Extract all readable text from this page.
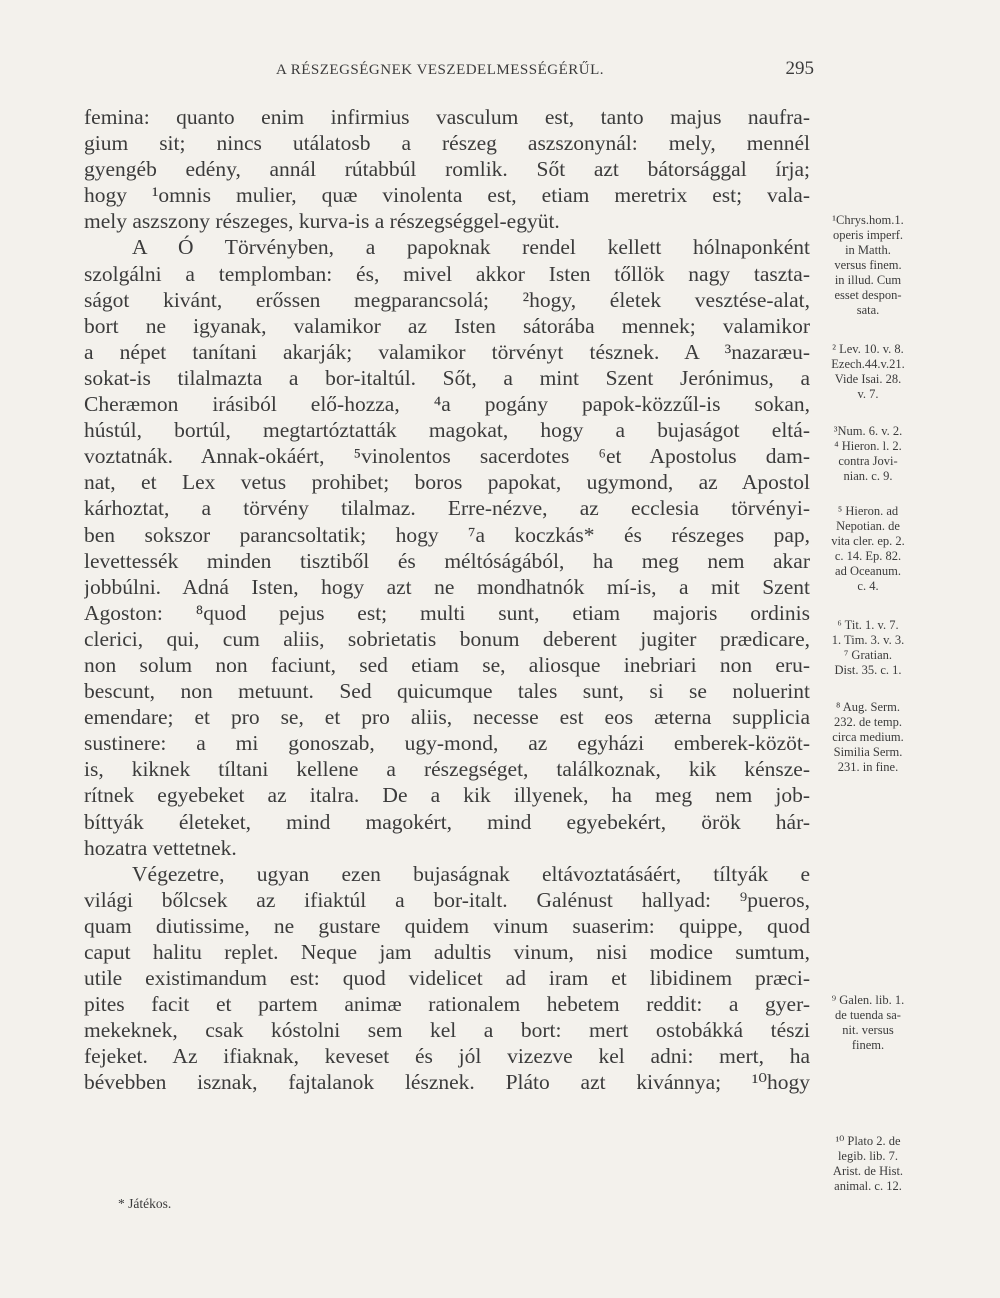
A RÉSZEGSÉGNEK VESZEDELMESSÉGÉRŰL.	295
femina: quanto enim infirmius vasculum est, tanto majus naufra-
gium sit; nincs utálatosb a részeg aszszonynál: mely, mennél
gyengéb edény, annál rútabbúl romlik. Sőt azt bátorsággal írja;
hogy ¹omnis mulier, quæ vinolenta est, etiam meretrix est; vala-
mely aszszony részeges, kurva-is a részegséggel-együt.
A Ó Törvényben, a papoknak rendel kellett hólnaponként
szolgálni a templomban: és, mivel akkor Isten tőllök nagy taszta-
ságot kivánt, erőssen megparancsolá; ²hogy, életek vesztése-alat,
bort ne igyanak, valamikor az Isten sátorába mennek; valamikor
a népet tanítani akarják; valamikor törvényt tésznek. A ³nazaræu-
sokat-is tilalmazta a bor-italtúl. Sőt, a mint Szent Jerónimus, a
Cheræmon irásiból elő-hozza, ⁴a pogány papok-közzűl-is sokan,
hústúl, bortúl, megtartóztatták magokat, hogy a bujaságot eltá-
voztatnák. Annak-okáért, ⁵vinolentos sacerdotes ⁶et Apostolus dam-
nat, et Lex vetus prohibet; boros papokat, ugymond, az Apostol
kárhoztat, a törvény tilalmaz. Erre-nézve, az ecclesia törvényi-
ben sokszor parancsoltatik; hogy ⁷a koczkás* és részeges pap,
levettessék minden tisztiből és méltóságából, ha meg nem akar
jobbúlni. Adná Isten, hogy azt ne mondhatnók mí-is, a mit Szent
Agoston: ⁸quod pejus est; multi sunt, etiam majoris ordinis
clerici, qui, cum aliis, sobrietatis bonum deberent jugiter prædicare,
non solum non faciunt, sed etiam se, aliosque inebriari non eru-
bescunt, non metuunt. Sed quicumque tales sunt, si se noluerint
emendare; et pro se, et pro aliis, necesse est eos æterna supplicia
sustinere: a mi gonoszab, ugy-mond, az egyházi emberek-közöt-
is, kiknek tíltani kellene a részegséget, találkoznak, kik kénsze-
rítnek egyebeket az italra. De a kik illyenek, ha meg nem job-
bíttyák életeket, mind magokért, mind egyebekért, örök hár-
hozatra vettetnek.
Végezetre, ugyan ezen bujaságnak eltávoztatásáért, tíltyák e
világi bőlcsek az ifiaktúl a bor-italt. Galénust hallyad: ⁹pueros,
quam diutissime, ne gustare quidem vinum suaserim: quippe, quod
caput halitu replet. Neque jam adultis vinum, nisi modice sumtum,
utile existimandum est: quod videlicet ad iram et libidinem præci-
pites facit et partem animæ rationalem hebetem reddit: a gyer-
mekeknek, csak kóstolni sem kel a bort: mert ostobákká tészi
fejeket. Az ifiaknak, keveset és jól vizezve kel adni: mert, ha
bévebben isznak, fajtalanok lésznek. Pláto azt kivánnya; ¹⁰hogy
¹Chrys.hom.1.
operis imperf.
in Matth.
versus finem.
in illud. Cum
esset despon-
sata.
² Lev. 10. v. 8.
Ezech.44.v.21.
Vide Isai. 28.
v. 7.
³Num. 6. v. 2.
⁴ Hieron. l. 2.
contra Jovi-
nian. c. 9.
⁵ Hieron. ad
Nepotian. de
vita cler. ep. 2.
c. 14. Ep. 82.
ad Oceanum.
c. 4.
⁶ Tit. 1. v. 7.
1. Tim. 3. v. 3.
⁷ Gratian.
Dist. 35. c. 1.
⁸ Aug. Serm.
232. de temp.
circa medium.
Similia Serm.
231. in fine.
⁹ Galen. lib. 1.
de tuenda sa-
nit. versus
finem.
¹⁰ Plato 2. de
legib. lib. 7.
Arist. de Hist.
animal. c. 12.
* Játékos.
